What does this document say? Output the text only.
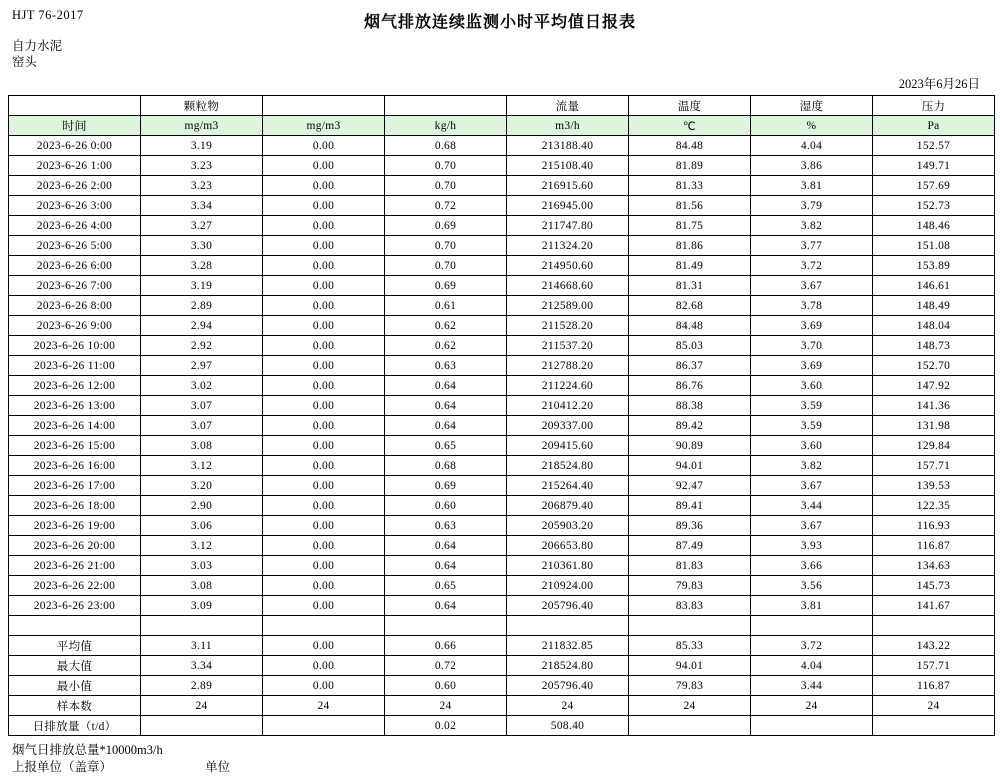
HJT 76-2017	烟气排放连续监测小时平均值日报表
自力水泥
窑头
2023年6月26日
	颗粒物			流量	温度	湿度	压力
时间	mg/m3	mg/m3	kg/h	m3/h	℃	%	Pa
2023-6-26 0:00	3.19	0.00	0.68	213188.40	84.48	4.04	152.57
2023-6-26 1:00	3.23	0.00	0.70	215108.40	81.89	3.86	149.71
2023-6-26 2:00	3.23	0.00	0.70	216915.60	81.33	3.81	157.69
2023-6-26 3:00	3.34	0.00	0.72	216945.00	81.56	3.79	152.73
2023-6-26 4:00	3.27	0.00	0.69	211747.80	81.75	3.82	148.46
2023-6-26 5:00	3.30	0.00	0.70	211324.20	81.86	3.77	151.08
2023-6-26 6:00	3.28	0.00	0.70	214950.60	81.49	3.72	153.89
2023-6-26 7:00	3.19	0.00	0.69	214668.60	81.31	3.67	146.61
2023-6-26 8:00	2.89	0.00	0.61	212589.00	82.68	3.78	148.49
2023-6-26 9:00	2.94	0.00	0.62	211528.20	84.48	3.69	148.04
2023-6-26 10:00	2.92	0.00	0.62	211537.20	85.03	3.70	148.73
2023-6-26 11:00	2.97	0.00	0.63	212788.20	86.37	3.69	152.70
2023-6-26 12:00	3.02	0.00	0.64	211224.60	86.76	3.60	147.92
2023-6-26 13:00	3.07	0.00	0.64	210412.20	88.38	3.59	141.36
2023-6-26 14:00	3.07	0.00	0.64	209337.00	89.42	3.59	131.98
2023-6-26 15:00	3.08	0.00	0.65	209415.60	90.89	3.60	129.84
2023-6-26 16:00	3.12	0.00	0.68	218524.80	94.01	3.82	157.71
2023-6-26 17:00	3.20	0.00	0.69	215264.40	92.47	3.67	139.53
2023-6-26 18:00	2.90	0.00	0.60	206879.40	89.41	3.44	122.35
2023-6-26 19:00	3.06	0.00	0.63	205903.20	89.36	3.67	116.93
2023-6-26 20:00	3.12	0.00	0.64	206653.80	87.49	3.93	116.87
2023-6-26 21:00	3.03	0.00	0.64	210361.80	81.83	3.66	134.63
2023-6-26 22:00	3.08	0.00	0.65	210924.00	79.83	3.56	145.73
2023-6-26 23:00	3.09	0.00	0.64	205796.40	83.83	3.81	141.67

平均值	3.11	0.00	0.66	211832.85	85.33	3.72	143.22
最大值	3.34	0.00	0.72	218524.80	94.01	4.04	157.71
最小值	2.89	0.00	0.60	205796.40	79.83	3.44	116.87
样本数	24	24	24	24	24	24	24
日排放量（t/d）			0.02	508.40			
烟气日排放总量*10000m3/h
上报单位（盖章）	单位
